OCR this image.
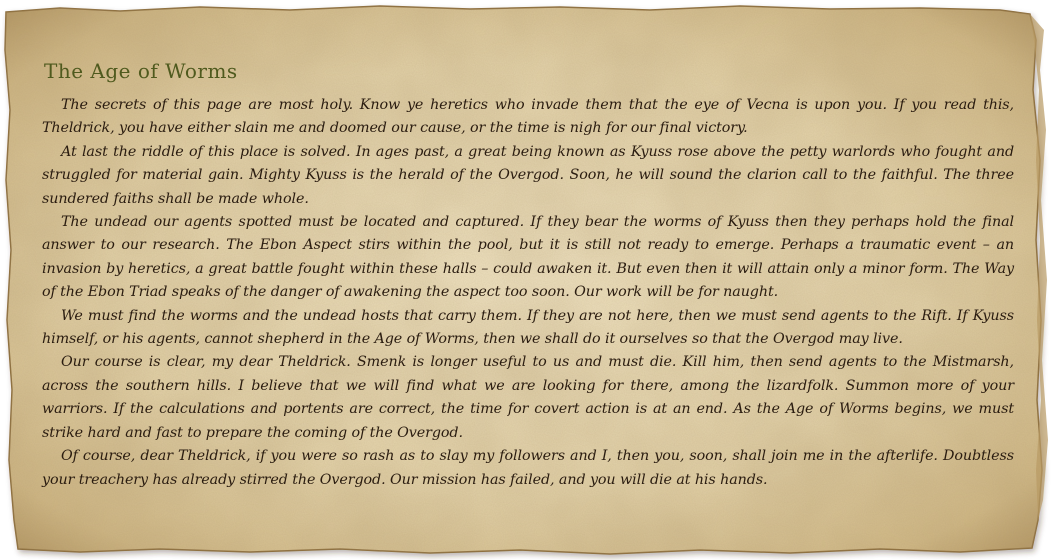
The Age of Worms

The secrets of this page are most holy. Know ye heretics who invade them that the eye of Vecna is upon you. If you read this, Theldrick, you have either slain me and doomed our cause, or the time is nigh for our final victory.

At last the riddle of this place is solved. In ages past, a great being known as Kyuss rose above the petty warlords who fought and struggled for material gain. Mighty Kyuss is the herald of the Overgod. Soon, he will sound the clarion call to the faithful. The three sundered faiths shall be made whole.

The undead our agents spotted must be located and captured. If they bear the worms of Kyuss then they perhaps hold the final answer to our research. The Ebon Aspect stirs within the pool, but it is still not ready to emerge. Perhaps a traumatic event – an invasion by heretics, a great battle fought within these halls – could awaken it. But even then it will attain only a minor form. The Way of the Ebon Triad speaks of the danger of awakening the aspect too soon. Our work will be for naught.

We must find the worms and the undead hosts that carry them. If they are not here, then we must send agents to the Rift. If Kyuss himself, or his agents, cannot shepherd in the Age of Worms, then we shall do it ourselves so that the Overgod may live.

Our course is clear, my dear Theldrick. Smenk is longer useful to us and must die. Kill him, then send agents to the Mistmarsh, across the southern hills. I believe that we will find what we are looking for there, among the lizardfolk. Summon more of your warriors. If the calculations and portents are correct, the time for covert action is at an end. As the Age of Worms begins, we must strike hard and fast to prepare the coming of the Overgod.

Of course, dear Theldrick, if you were so rash as to slay my followers and I, then you, soon, shall join me in the afterlife. Doubtless your treachery has already stirred the Overgod. Our mission has failed, and you will die at his hands.
